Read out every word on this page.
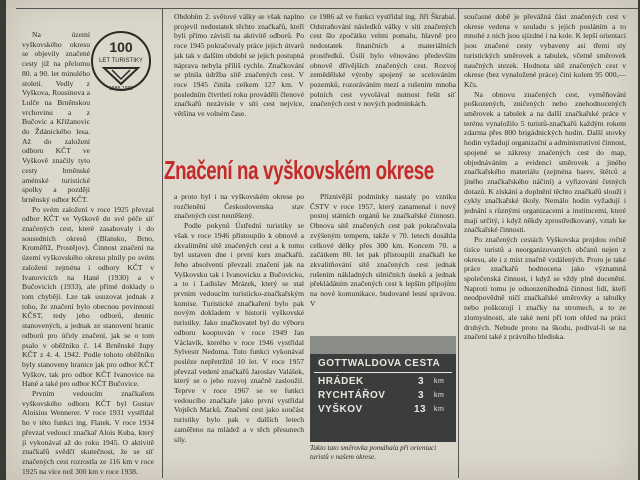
100
LET TURISTIKY
1888-1988

Na území vyškovského okresu se objevily značené cesty již na přelomu 80. a 90. let minulého století. Vedly z Vyškova, Rousínova a Lulče na Brněnskou vrchovinu a z Bučovic a Křižanovic do Ždánického lesa. Až do založení odboru KČT ve Vyškově značily tyto cesty brněnské aménské turistické spolky a později brněnský odbor KČT.

Po svém založení v roce 1925 převzal odbor KČT ve Vyškově do své péče síť značených cest, které zasahovaly i do sousedních okresů (Blansko, Brno, Kroměříž, Prostějov). Činnost značení na území vyškovského okresu plnily po svém založení zejména i odbory KČT v Ivanovicích na Hané (1930) a v Bučovicích (1933), ale přímé doklady o tom chybějí. Lze tak usuzovat jednak z toho, že značení bylo obecnou povinností KČST, tedy jeho odborů, dennic stanovených, a jednak ze stanovení hranic odborů pro účely značení, jak se o tom psalo v oběžníku č. 14 Brněnské župy KČT z 4. 4. 1942. Podle tohoto oběžníku byly stanoveny hranice jak pro odbor KČT Vyškov, tak pro odbor KČT Ivanovice na Hané a také pro odbor KČT Bučovice.

Prvním vedoucím značkařem vyškovského odboru KČT byl Gustav Aloisius Wennerer. V roce 1931 vystřídal ho v této funkci ing. Flatek. V roce 1934 převzal vedoucí značkař Alois Kuba, který jí vykonával až do roku 1945. O aktivitě značkařů svědčí skutečnost, že se síť značených cest rozrostla ze 116 km v roce 1925 na více než 300 km v roce 1938.

Obdobím 2. světové války se však naplno projevil nedostatek těchto značkařů, kteří byli přímo závislí na aktivitě odborů. Po roce 1945 pokračovaly práce jejich útvarů jak tak v dalším období se jejich postupná náprava nebyla příliš rychle. Značkování se plnila údržba sítě značených cest. V roce 1945 činila celkem 127 km. V posledním čtvrtletí roku prováděli členové značkařů nezávisle v síti cest nejvíce, většina ve volném čase.

ce 1986 až ve funkci vystřídal ing. Jiří Škrabal. Odstraňování následků války v síti značených cest šlo zpočátku velmi pomalu, hlavně pro nedostatek finančních a materiálních prostředků. Úsilí bylo věnováno především obnově dřívějších značených cest. Rozvoj zemědělské výroby spojený se scelováním pozemků, rozoráváním mezí a rušením mnoha polních cest vyvolával nutnost řešit síť značených cest v nových podmínkách.

Značení na vyškovském okrese

a proto byl i na vyškovském okrese po rozčlenění Československa stav značených cest neutěšený.

Podle pokynů Ústřední turistiky se však v roce 1946 přistoupilo k obnově a zkvalitnění sítě značených cest a k tomu byl ustaven dne i první kurs značkařů. Jeho absolventi převzali značení jak na Vyškovsku tak i Ivanovicku a Bučovicku, a to i Ladislav Mrázek, který se stal prvním vedoucím turisticko-značkařským komise. Turistické značkaření bylo pak novým dokladem v historii vyškovské turistiky. Jako značkovatel byl do výboru odboru kooptován v roce 1949 Jan Václavík, kterého v roce 1946 vystřídal Sylvestr Nedoma. Tuto funkci vykonával posléze nepřetržitě 10 let. V roce 1957 převzal vedení značkařů Jaroslav Valášek, který se o jeho rozvoj značně zasloužil. Teprve v roce 1967 se ve funkci vedoucího značkaře jako první vystřídal Vojtěch Marků. Značení cest jako součást turistiky bylo pak v dalších letech zaměřeno na mládež a v těch přesunech síly.

Příznivější podmínky nastaly po vzniku ČSTV v roce 1957, který zanamenal i nový postoj státních orgánů ke značkařské činnosti. Obnova sítě značených cest pak pokračovala zvýšeným tempem, takže v 70. letech dosáhla celkové délky přes 300 km. Koncem 70. a začátkem 80. let pak přistoupili značkaři ke zkvalitňování sítě značených cest jednak rušením nákladných silničních úseků a jednak překládáním značených cest k lepším přípojům na nové komunikace, budované lesní správou. V

GOTTWALDOVA CESTA
HRÁDEK
RYCHTÁŘOV
VYŠKOV
3
3
13
km
km
km
Takto tato směrovka pomáhala při orientaci turistů v našem okrese.

současné době je převážná část značených cest v okrese vedena v souladu s jejich posláním a to mnohé z nich jsou sjízdné i na kole. K lepší orientaci jsou značené cesty vybaveny asi třemi sty turistických směrovek a tabulek, včetně směrovek naučných stezek. Hodnota sítě značených cest v okrese (bez vynaložené práce) činí kolem 95 000,— Kčs.

Na obnovu značených cest, vyměňování poškozených, zničených nebo znehodnocených směrovek a tabulek a na další značkařské práce v terénu vynaložilo 5 turistů-značkařů každým rokem zdarma přes 800 brigádnických hodin. Další stovky hodin vyžadují organizační a administrativní činnost, spojené se zákresy značených cest do map, objednáváním a evidencí směrovek a jiného značkařského materiálu (zejména barev, štětců a jiného značkařského náčiní) a vyřizování četných dotazů. K získání a doplnění těchto značkařů slouží i cykly značkařské školy. Nemálo hodin vyžadují i jednání s různými organizacemi a institucemi, které mají určitý, i když někdy zprostředkovaný, vztah ke značkařské činnosti.

Po značených cestách Vyškovska projdou ročně tisíce turistů a neorganizovaných občanů nejen z okresu, ale i z míst značně vzdálených. Proto je také práce značkařů hodnocena jako významná společenská činnost, i když se vždy plně docenění. Naproti tomu je odsouzeníhodná činnost lidí, kteří neodpovědně ničí značkařské směrovky a tabulky nebo poškozují i značky na stromech, a to ze zlomyslnosti, ale také není při tom ohled na práci druhých. Nebude proto na škodu, podíval-li se na značení také z právního hlediska.
